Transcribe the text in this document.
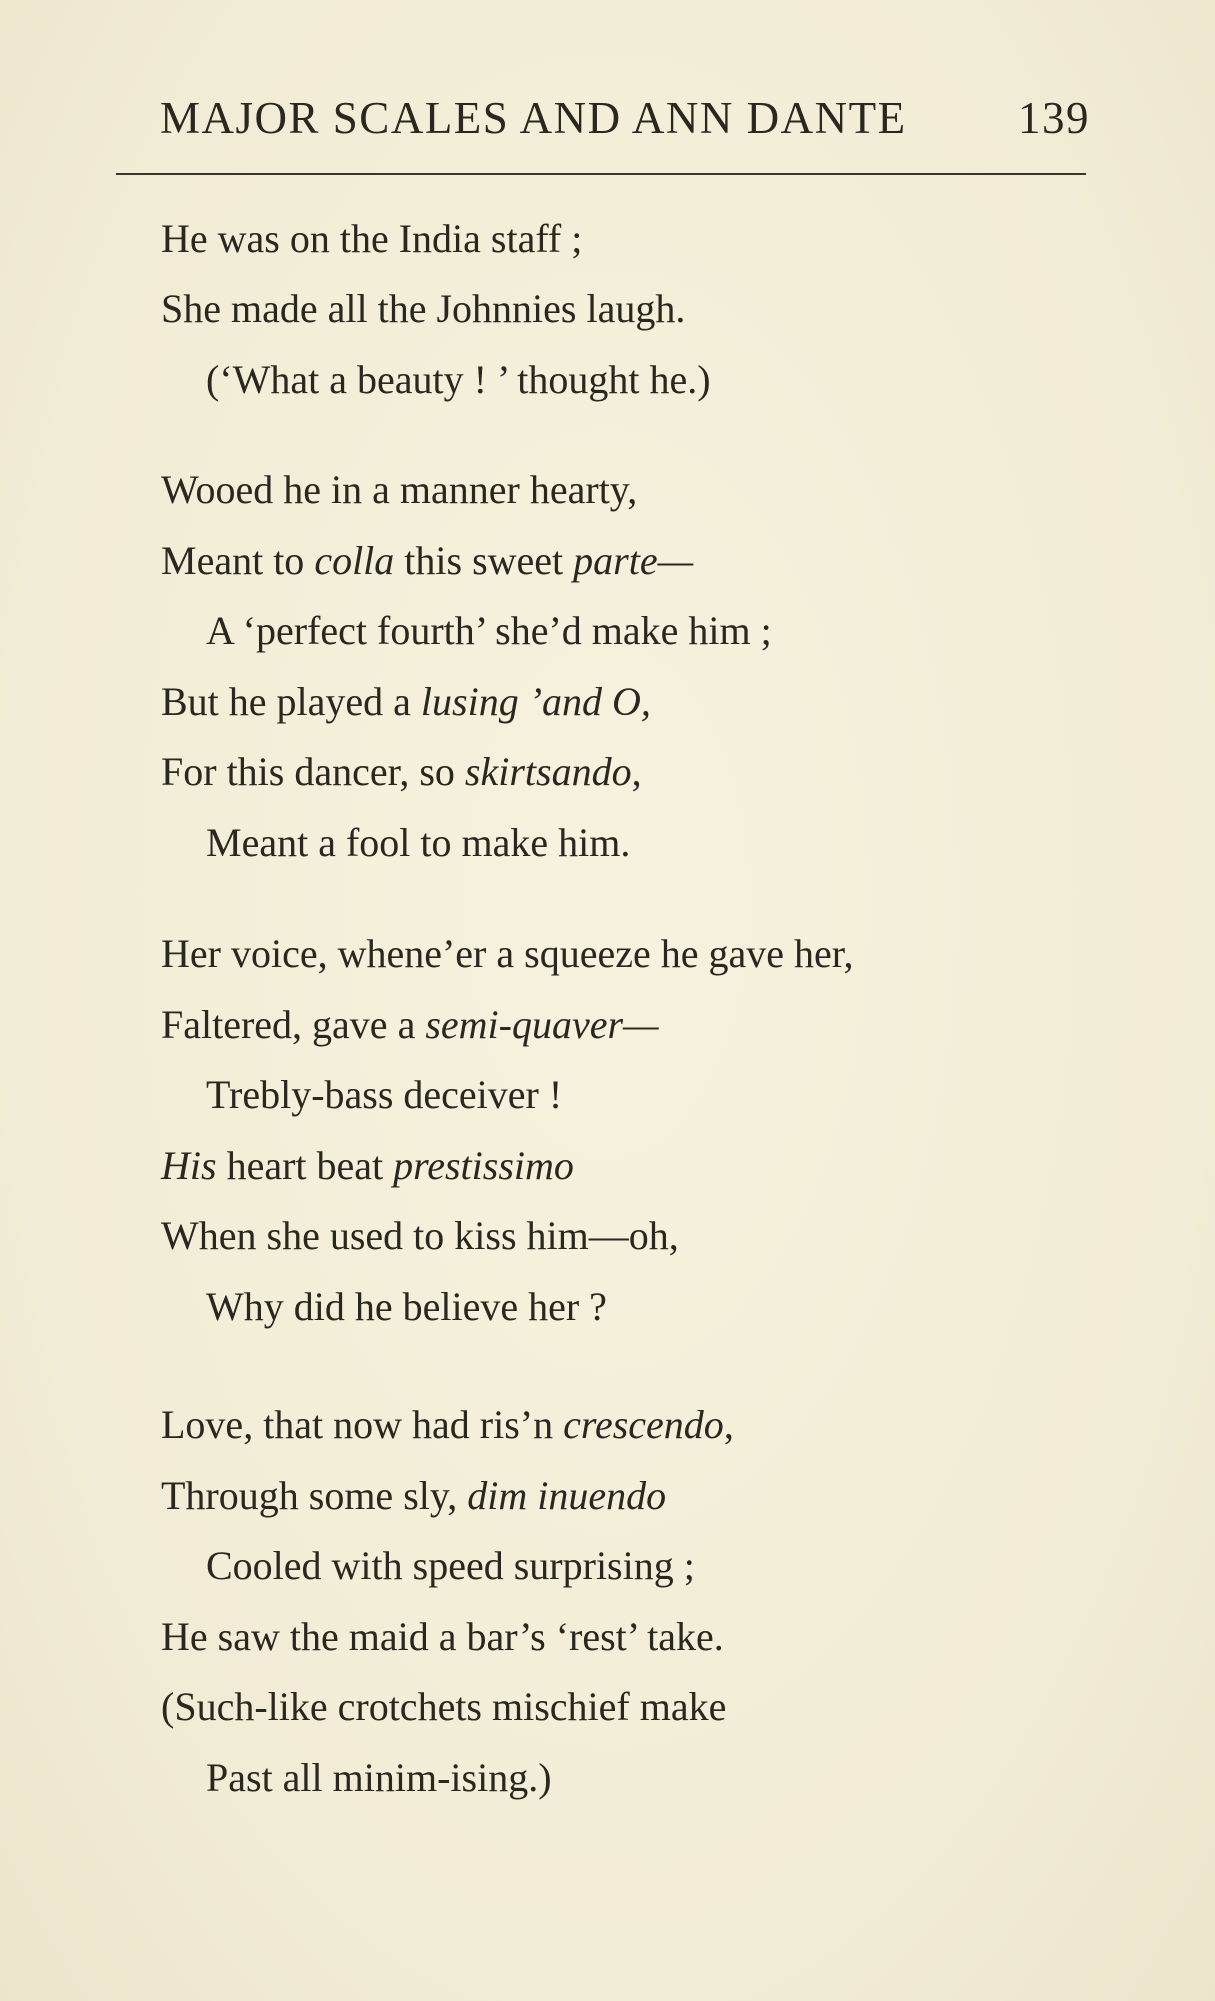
MAJOR SCALES AND ANN DANTE 139
He was on the India staff ;
She made all the Johnnies laugh.
(‘What a beauty ! ’ thought he.)
Wooed he in a manner hearty,
Meant to colla this sweet parte—
A ‘perfect fourth’ she’d make him ;
But he played a lusing ’and O,
For this dancer, so skirtsando,
Meant a fool to make him.
Her voice, whene’er a squeeze he gave her,
Faltered, gave a semi-quaver—
Trebly-bass deceiver !
His heart beat prestissimo
When she used to kiss him—oh,
Why did he believe her ?
Love, that now had ris’n crescendo,
Through some sly, dim inuendo
Cooled with speed surprising ;
He saw the maid a bar’s ‘rest’ take.
(Such-like crotchets mischief make
Past all minim-ising.)
